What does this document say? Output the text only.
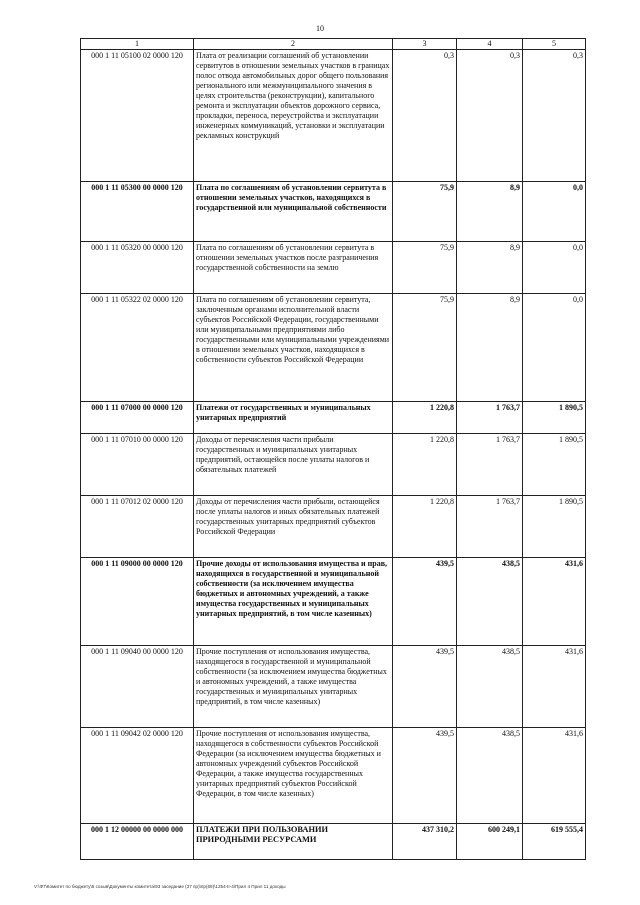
10
1	2	3	4	5
000 1 11 05100 02 0000 120	Плата от реализации соглашений об установлении сервитутов в отношении земельных участков в границах полос отвода автомобильных дорог общего пользования регионального или межмуниципального значения в целях строительства (реконструкции), капитального ремонта и эксплуатации объектов дорожного сервиса, прокладки, переноса, переустройства и эксплуатации инженерных коммуникаций, установки и эксплуатации рекламных конструкций	0,3	0,3	0,3
000 1 11 05300 00 0000 120	Плата по соглашениям об установлении сервитута в отношении земельных участков, находящихся в государственной или муниципальной собственности	75,9	8,9	0,0
000 1 11 05320 00 0000 120	Плата по соглашениям об установлении сервитута в отношении земельных участков после разграничения государственной собственности на землю	75,9	8,9	0,0
000 1 11 05322 02 0000 120	Плата по соглашениям об установлении сервитута, заключенным органами исполнительной власти субъектов Российской Федерации, государственными или муниципальными предприятиями либо государственными или муниципальными учреждениями в отношении земельных участков, находящихся в собственности субъектов Российской Федерации	75,9	8,9	0,0
000 1 11 07000 00 0000 120	Платежи от государственных и муниципальных унитарных предприятий	1 220,8	1 763,7	1 890,5
000 1 11 07010 00 0000 120	Доходы от перечисления части прибыли государственных и муниципальных унитарных предприятий, остающейся после уплаты налогов и обязательных платежей	1 220,8	1 763,7	1 890,5
000 1 11 07012 02 0000 120	Доходы от перечисления части прибыли, остающейся после уплаты налогов и иных обязательных платежей государственных унитарных предприятий субъектов Российской Федерации	1 220,8	1 763,7	1 890,5
000 1 11 09000 00 0000 120	Прочие доходы от использования имущества и прав, находящихся в государственной и муниципальной собственности (за исключением имущества бюджетных и автономных учреждений, а также имущества государственных и муниципальных унитарных предприятий, в том числе казенных)	439,5	438,5	431,6
000 1 11 09040 00 0000 120	Прочие поступления от использования имущества, находящегося в государственной и муниципальной собственности (за исключением имущества бюджетных и автономных учреждений, а также имущества государственных и муниципальных унитарных предприятий, в том числе казенных)	439,5	438,5	431,6
000 1 11 09042 02 0000 120	Прочие поступления от использования имущества, находящегося в собственности субъектов Российской Федерации (за исключением имущества бюджетных и автономных учреждений субъектов Российской Федерации, а также имущества государственных унитарных предприятий субъектов Российской Федерации, в том числе казенных)	439,5	438,5	431,6
000 1 12 00000 00 0000 000	ПЛАТЕЖИ ПРИ ПОЛЬЗОВАНИИ ПРИРОДНЫМИ РЕСУРСАМИ	437 310,2	600 249,1	619 555,4
V:\Ф7\Комитет по бюджету\5 созыв\Документы комитета\93 заседание (37 пр)\пр(69)\1254-II-4\Прил 4 Прил 11 доходы
